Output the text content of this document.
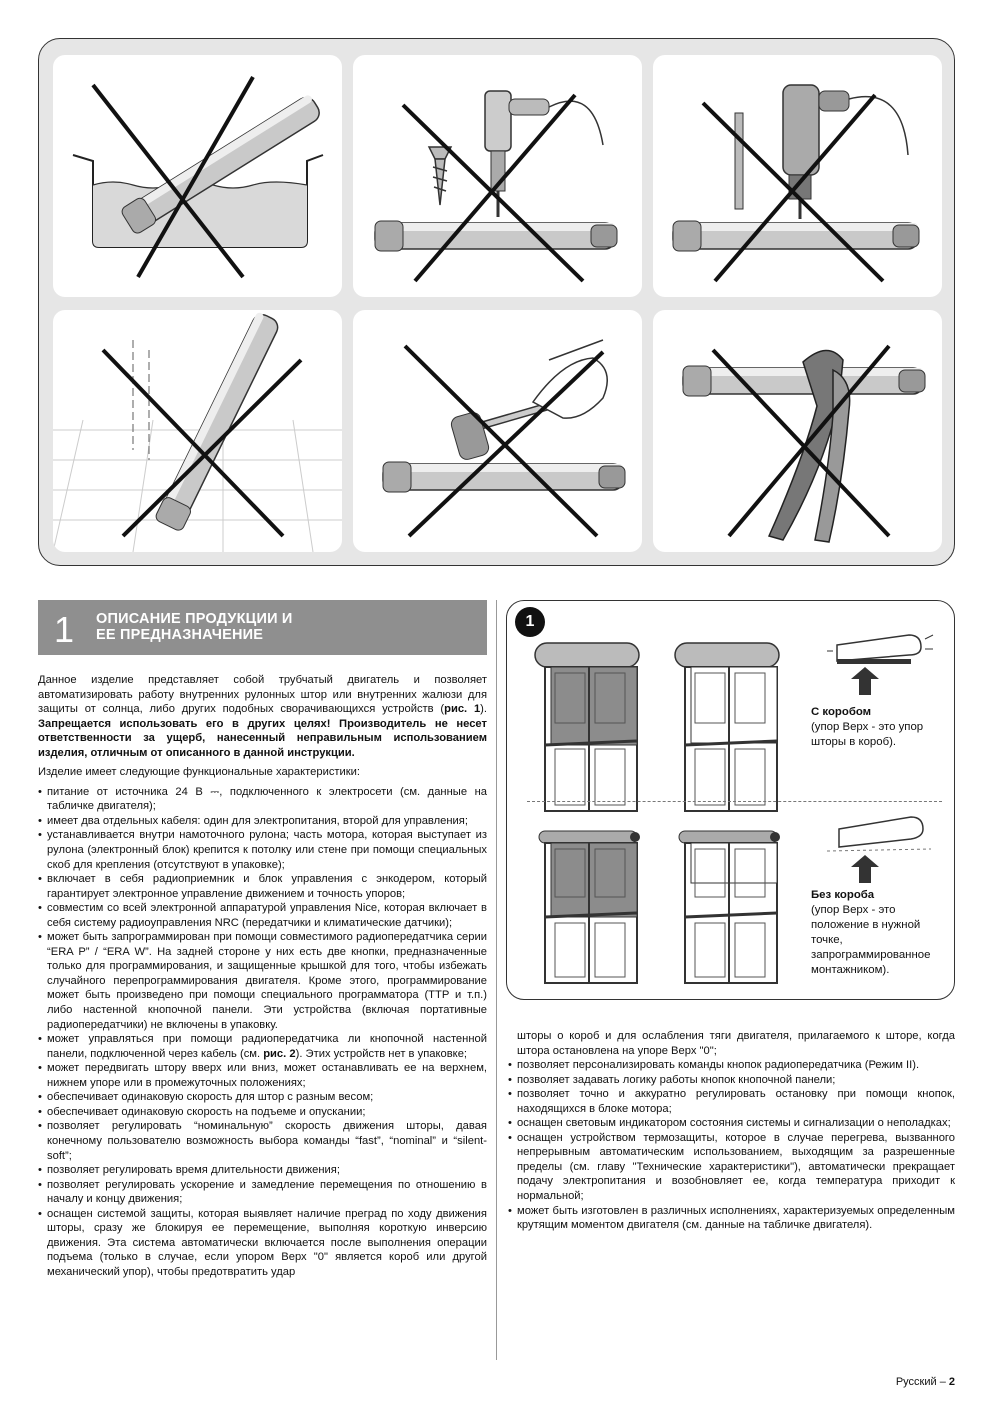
1 ОПИСАНИЕ ПРОДУКЦИИ И
ЕЕ ПРЕДНАЗНАЧЕНИЕ

Данное изделие представляет собой трубчатый двигатель и позволяет автоматизировать работу внутренних рулонных штор или внутренних жалюзи для защиты от солнца, либо других подобных сворачивающихся устройств (рис. 1). Запрещается использовать его в других целях! Производитель не несет ответственности за ущерб, нанесенный неправильным использованием изделия, отличным от описанного в данной инструкции.

Изделие имеет следующие функциональные характеристики:

• питание от источника 24 В ⎓, подключенного к электросети (см. данные на табличке двигателя);
• имеет два отдельных кабеля: один для электропитания, второй для управления;
• устанавливается внутри намоточного рулона; часть мотора, которая выступает из рулона (электронный блок) крепится к потолку или стене при помощи специальных скоб для крепления (отсутствуют в упаковке);
• включает в себя радиоприемник и блок управления с энкодером, который гарантирует электронное управление движением и точность упоров;
• совместим со всей электронной аппаратурой управления Nice, которая включает в себя систему радиоуправления NRC (передатчики и климатические датчики);
• может быть запрограммирован при помощи совместимого радиопередатчика серии “ERA P” / “ERA W”. На задней стороне у них есть две кнопки, предназначенные только для программирования, и защищенные крышкой для того, чтобы избежать случайного перепрограммирования двигателя. Кроме этого, программирование может быть произведено при помощи специального программатора (TTP и т.п.) либо настенной кнопочной панели. Эти устройства (включая портативные радиопередатчики) не включены в упаковку.
• может управляться при помощи радиопередатчика ли кнопочной настенной панели, подключенной через кабель (см. рис. 2). Этих устройств нет в упаковке;
• может передвигать штору вверх или вниз, может останавливать ее на верхнем, нижнем упоре или в промежуточных положениях;
• обеспечивает одинаковую скорость для штор с разным весом;
• обеспечивает одинаковую скорость на подъеме и опускании;
• позволяет регулировать “номинальную” скорость движения шторы, давая конечному пользователю возможность выбора команды “fast”, “nominal” и “silent-soft”;
• позволяет регулировать время длительности движения;
• позволяет регулировать ускорение и замедление перемещения по отношению в началу и концу движения;
• оснащен системой защиты, которая выявляет наличие преград по ходу движения шторы, сразу же блокируя ее перемещение, выполняя короткую инверсию движения. Эта система автоматически включается после выполнения операции подъема (только в случае, если упором Верх "0" является короб или другой механический упор), чтобы предотвратить удар
1
С коробом
(упор Верх - это упор шторы в короб).
Без короба
(упор Верх - это положение в нужной точке, запрограммированное монтажником).
шторы о короб и для ослабления тяги двигателя, прилагаемого к шторе, когда штора остановлена на упоре Верх "0";
• позволяет персонализировать команды кнопок радиопередатчика (Режим II).
• позволяет задавать логику работы кнопок кнопочной панели;
• позволяет точно и аккуратно регулировать остановку при помощи кнопок, находящихся в блоке мотора;
• оснащен световым индикатором состояния системы и сигнализации о неполадках;
• оснащен устройством термозащиты, которое в случае перегрева, вызванного непрерывным автоматическим использованием, выходящим за разрешенные пределы (см. главу "Технические характеристики"), автоматически прекращает подачу электропитания и возобновляет ее, когда температура приходит к нормальной;
• может быть изготовлен в различных исполнениях, характеризуемых определенным крутящим моментом двигателя (см. данные на табличке двигателя).
Русский – 2
